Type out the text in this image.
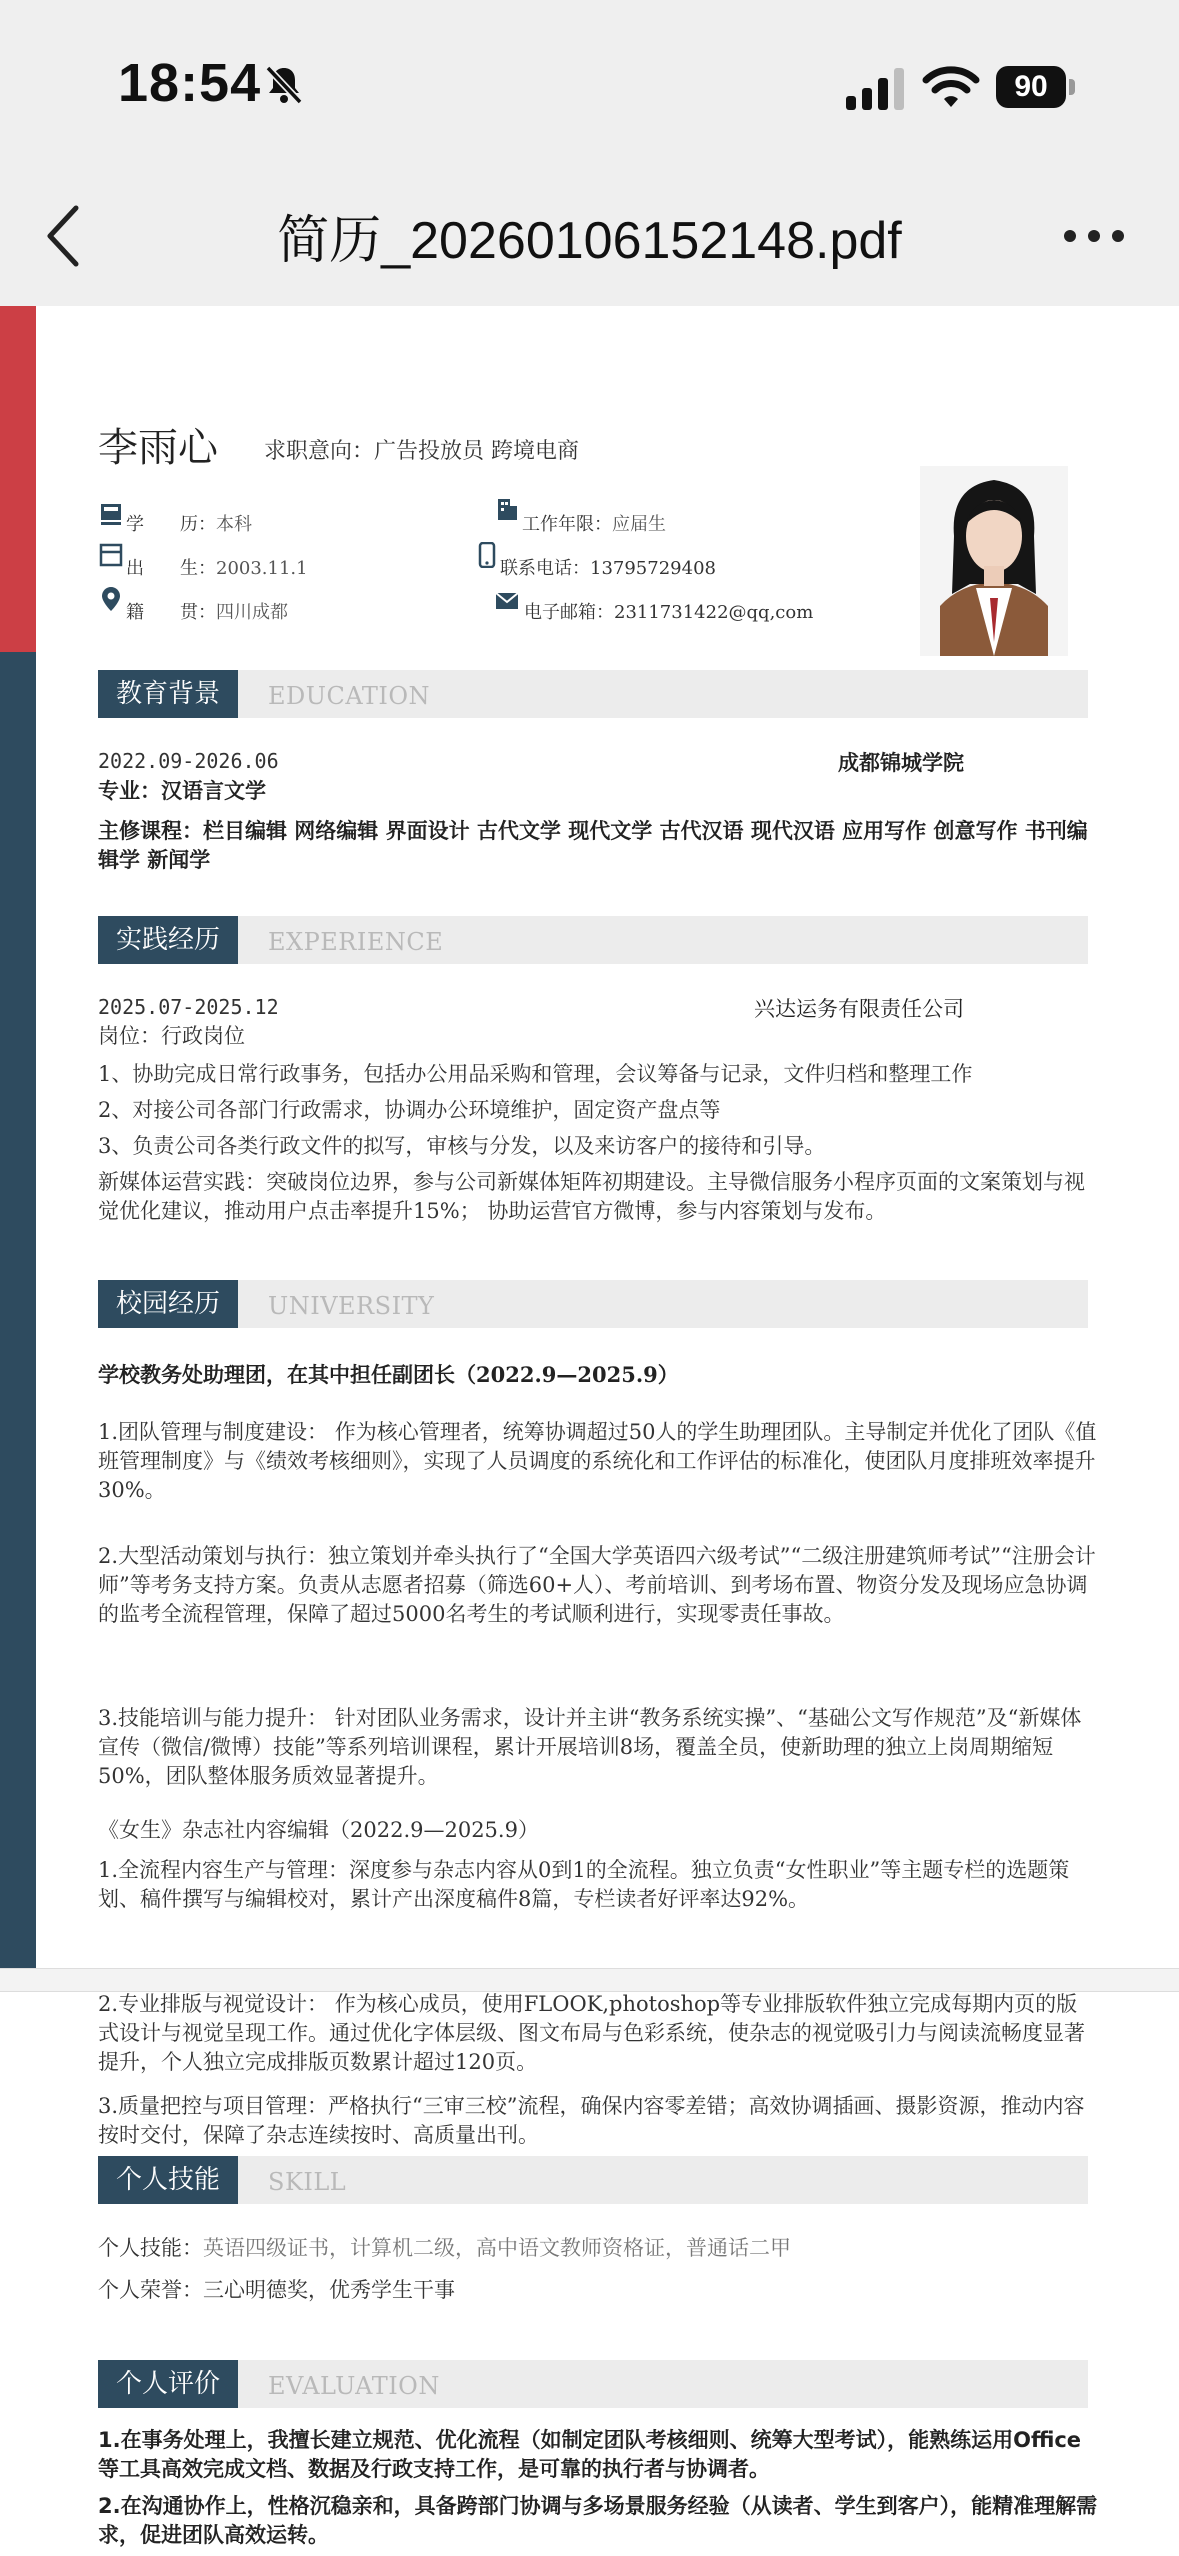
18:54	90
简历_20260106152148.pdf
李雨心 求职意向：广告投放员 跨境电商
学　　历：本科	工作年限：应届生
出　　生：2003.11.1	联系电话：13795729408
籍　　贯：四川成都	电子邮箱：2311731422@qq,com
教育背景	EDUCATION
2022.09-2026.06	成都锦城学院
专业：汉语言文学
主修课程：栏目编辑 网络编辑 界面设计 古代文学 现代文学 古代汉语 现代汉语 应用写作 创意写作 书刊编辑学 新闻学
实践经历	EXPERIENCE
2025.07-2025.12	兴达运务有限责任公司
岗位：行政岗位
1、协助完成日常行政事务，包括办公用品采购和管理，会议筹备与记录，文件归档和整理工作
2、对接公司各部门行政需求，协调办公环境维护，固定资产盘点等
3、负责公司各类行政文件的拟写，审核与分发，以及来访客户的接待和引导。
新媒体运营实践：突破岗位边界，参与公司新媒体矩阵初期建设。主导微信服务小程序页面的文案策划与视觉优化建议，推动用户点击率提升15%； 协助运营官方微博，参与内容策划与发布。
校园经历	UNIVERSITY
学校教务处助理团，在其中担任副团长（2022.9—2025.9）
1.团队管理与制度建设： 作为核心管理者，统筹协调超过50人的学生助理团队。主导制定并优化了团队《值班管理制度》与《绩效考核细则》，实现了人员调度的系统化和工作评估的标准化，使团队月度排班效率提升30%。
2.大型活动策划与执行：独立策划并牵头执行了“全国大学英语四六级考试”“二级注册建筑师考试”“注册会计师”等考务支持方案。负责从志愿者招募（筛选60+人）、考前培训、到考场布置、物资分发及现场应急协调的监考全流程管理，保障了超过5000名考生的考试顺利进行，实现零责任事故。
3.技能培训与能力提升： 针对团队业务需求，设计并主讲“教务系统实操”、“基础公文写作规范”及“新媒体宣传（微信/微博）技能”等系列培训课程，累计开展培训8场，覆盖全员，使新助理的独立上岗周期缩短50%，团队整体服务质效显著提升。
《女生》杂志社内容编辑（2022.9—2025.9）
1.全流程内容生产与管理：深度参与杂志内容从0到1的全流程。独立负责“女性职业”等主题专栏的选题策划、稿件撰写与编辑校对，累计产出深度稿件8篇，专栏读者好评率达92%。
2.专业排版与视觉设计： 作为核心成员，使用FLOOK,photoshop等专业排版软件独立完成每期内页的版式设计与视觉呈现工作。通过优化字体层级、图文布局与色彩系统，使杂志的视觉吸引力与阅读流畅度显著提升，个人独立完成排版页数累计超过120页。
3.质量把控与项目管理：严格执行“三审三校”流程，确保内容零差错；高效协调插画、摄影资源，推动内容按时交付，保障了杂志连续按时、高质量出刊。
个人技能	SKILL
个人技能：英语四级证书，计算机二级，高中语文教师资格证，普通话二甲
个人荣誉：三心明德奖，优秀学生干事
个人评价	EVALUATION
1.在事务处理上，我擅长建立规范、优化流程（如制定团队考核细则、统筹大型考试），能熟练运用Office等工具高效完成文档、数据及行政支持工作，是可靠的执行者与协调者。
2.在沟通协作上，性格沉稳亲和，具备跨部门协调与多场景服务经验（从读者、学生到客户），能精准理解需求，促进团队高效运转。
